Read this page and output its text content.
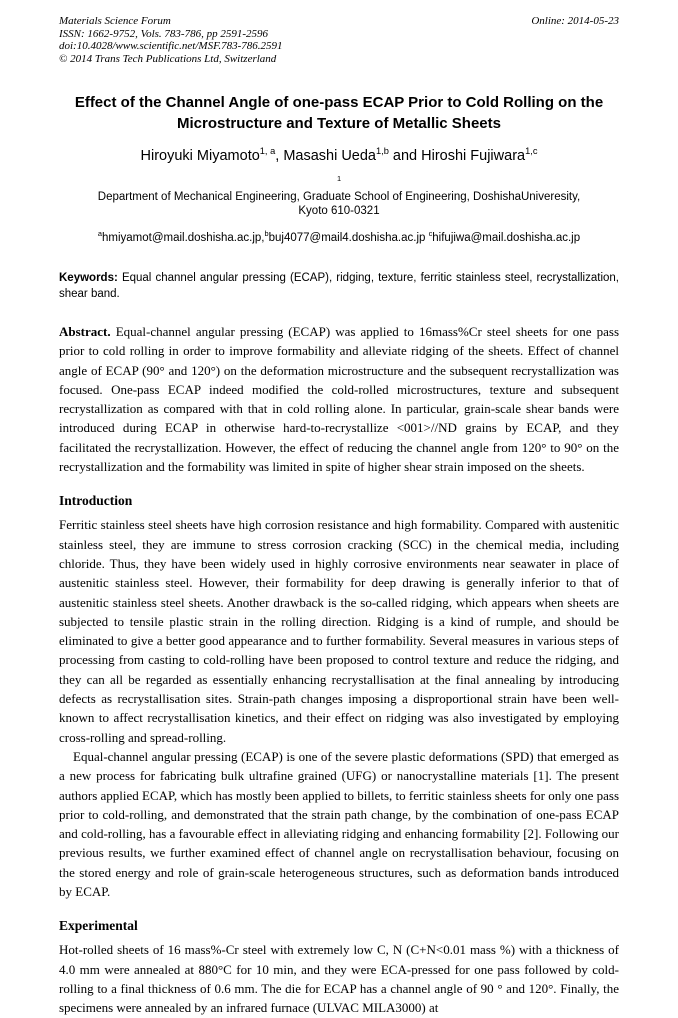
Materials Science Forum
ISSN: 1662-9752, Vols. 783-786, pp 2591-2596
doi:10.4028/www.scientific.net/MSF.783-786.2591
© 2014 Trans Tech Publications Ltd, Switzerland
Online: 2014-05-23
Effect of the Channel Angle of one-pass ECAP Prior to Cold Rolling on the Microstructure and Texture of Metallic Sheets
Hiroyuki Miyamoto$^{1, a}$, Masashi Ueda$^{1,b}$ and Hiroshi Fujiwara$^{1,c}$
$^1$
Department of Mechanical Engineering, Graduate School of Engineering, DoshishaUniveresity,
Kyoto 610-0321
$^a$hmiyamot@mail.doshisha.ac.jp,$^b$buj4077@mail4.doshisha.ac.jp $^c$hifujiwa@mail.doshisha.ac.jp

Keywords: Equal channel angular pressing (ECAP), ridging, texture, ferritic stainless steel, recrystallization, shear band.

Abstract. Equal-channel angular pressing (ECAP) was applied to 16mass%Cr steel sheets for one pass prior to cold rolling in order to improve formability and alleviate ridging of the sheets. Effect of channel angle of ECAP (90° and 120°) on the deformation microstructure and the subsequent recrystallization was focused. One-pass ECAP indeed modified the cold-rolled microstructures, texture and subsequent recrystallization as compared with that in cold rolling alone. In particular, grain-scale shear bands were introduced during ECAP in otherwise hard-to-recrystallize <001>//ND grains by ECAP, and they facilitated the recrystallization. However, the effect of reducing the channel angle from 120° to 90° on the recrystallization and the formability was limited in spite of higher shear strain imposed on the sheets.

Introduction

Ferritic stainless steel sheets have high corrosion resistance and high formability. Compared with austenitic stainless steel, they are immune to stress corrosion cracking (SCC) in the chemical media, including chloride. Thus, they have been widely used in highly corrosive environments near seawater in place of austenitic stainless steel. However, their formability for deep drawing is generally inferior to that of austenitic stainless steel sheets. Another drawback is the so-called ridging, which appears when sheets are subjected to tensile plastic strain in the rolling direction. Ridging is a kind of rumple, and should be eliminated to give a better good appearance and to further formability. Several measures in various steps of processing from casting to cold-rolling have been proposed to control texture and reduce the ridging, and they can all be regarded as essentially enhancing recrystallisation at the final annealing by introducing defects as recrystallisation sites. Strain-path changes imposing a disproportional strain have been well-known to affect recrystallisation kinetics, and their effect on ridging was also investigated by employing cross-rolling and spread-rolling.

Equal-channel angular pressing (ECAP) is one of the severe plastic deformations (SPD) that emerged as a new process for fabricating bulk ultrafine grained (UFG) or nanocrystalline materials [1]. The present authors applied ECAP, which has mostly been applied to billets, to ferritic stainless sheets for only one pass prior to cold-rolling, and demonstrated that the strain path change, by the combination of one-pass ECAP and cold-rolling, has a favourable effect in alleviating ridging and enhancing formability [2]. Following our previous results, we further examined effect of channel angle on recrystallisation behaviour, focusing on the stored energy and role of grain-scale heterogeneous structures, such as deformation bands introduced by ECAP.

Experimental

Hot-rolled sheets of 16 mass%-Cr steel with extremely low C, N (C+N<0.01 mass %) with a thickness of 4.0 mm were annealed at 880°C for 10 min, and they were ECA-pressed for one pass followed by cold-rolling to a final thickness of 0.6 mm. The die for ECAP has a channel angle of 90 ° and 120°. Finally, the specimens were annealed by an infrared furnace (ULVAC MILA3000) at
